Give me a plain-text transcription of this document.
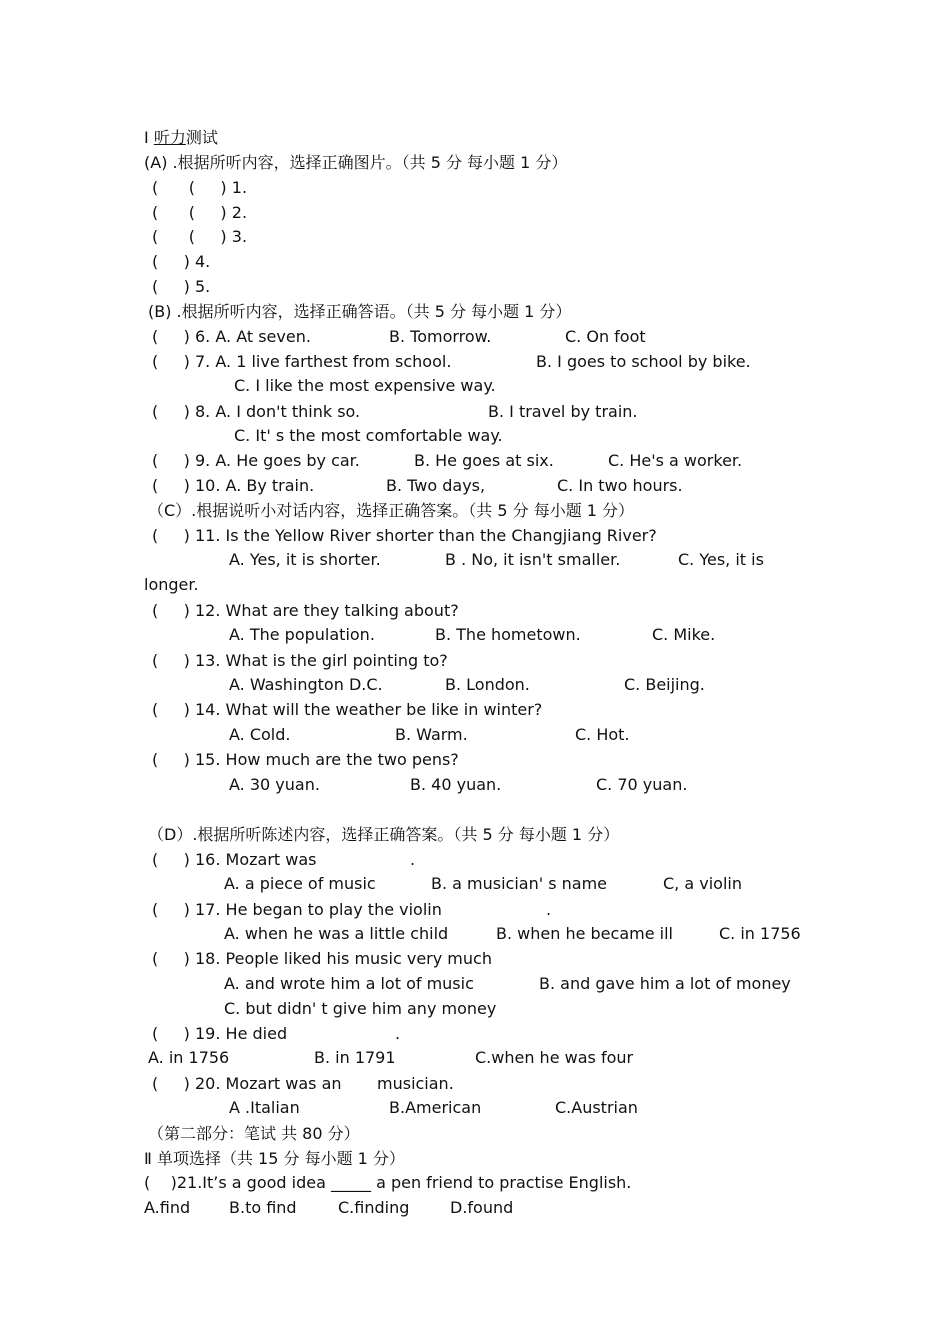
I 听力测试
(A) .根据所听内容，选择正确图片。（共 5 分 每小题 1 分）
(      (     ) 1.
(      (     ) 2.
(      (     ) 3.
(     ) 4.
(     ) 5.
(B) .根据所听内容，选择正确答语。（共 5 分 每小题 1 分）
(     ) 6. A. At seven.	B. Tomorrow.	C. On foot
(     ) 7. A. 1 live farthest from school.	B. I goes to school by bike.
C. I like the most expensive way.
(     ) 8. A. I don't think so.	B. I travel by train.
C. It' s the most comfortable way.
(     ) 9. A. He goes by car.	B. He goes at six.	C. He's a worker.
(     ) 10. A. By train.	B. Two days,	C. In two hours.
（C）.根据说听小对话内容，选择正确答案。（共 5 分 每小题 1 分）
(     ) 11. Is the Yellow River shorter than the Changjiang River?
A. Yes, it is shorter.	B . No, it isn't smaller.	C. Yes, it is
longer.
(     ) 12. What are they talking about?
A. The population.	B. The hometown.	C. Mike.
(     ) 13. What is the girl pointing to?
A. Washington D.C.	B. London.	C. Beijing.
(     ) 14. What will the weather be like in winter?
A. Cold.	B. Warm.	C. Hot.
(     ) 15. How much are the two pens?
A. 30 yuan.	B. 40 yuan.	C. 70 yuan.
（D）.根据所听陈述内容，选择正确答案。（共 5 分 每小题 1 分）
(     ) 16. Mozart was	.
A. a piece of music	B. a musician' s name	C, a violin
(     ) 17. He began to play the violin	.
A. when he was a little child	B. when he became ill	C. in 1756
(     ) 18. People liked his music very much
A. and wrote him a lot of music	B. and gave him a lot of money
C. but didn' t give him any money
(     ) 19. He died	.
A. in 1756	B. in 1791	C.when he was four
(     ) 20. Mozart was an musician.
A .Italian	B.American	C.Austrian
（第二部分：笔试 共 80 分）
Ⅱ 单项选择（共 15 分 每小题 1 分）
(    )21.It’s a good idea _____ a pen friend to practise English.
A.find B.to find	C.finding	D.found
